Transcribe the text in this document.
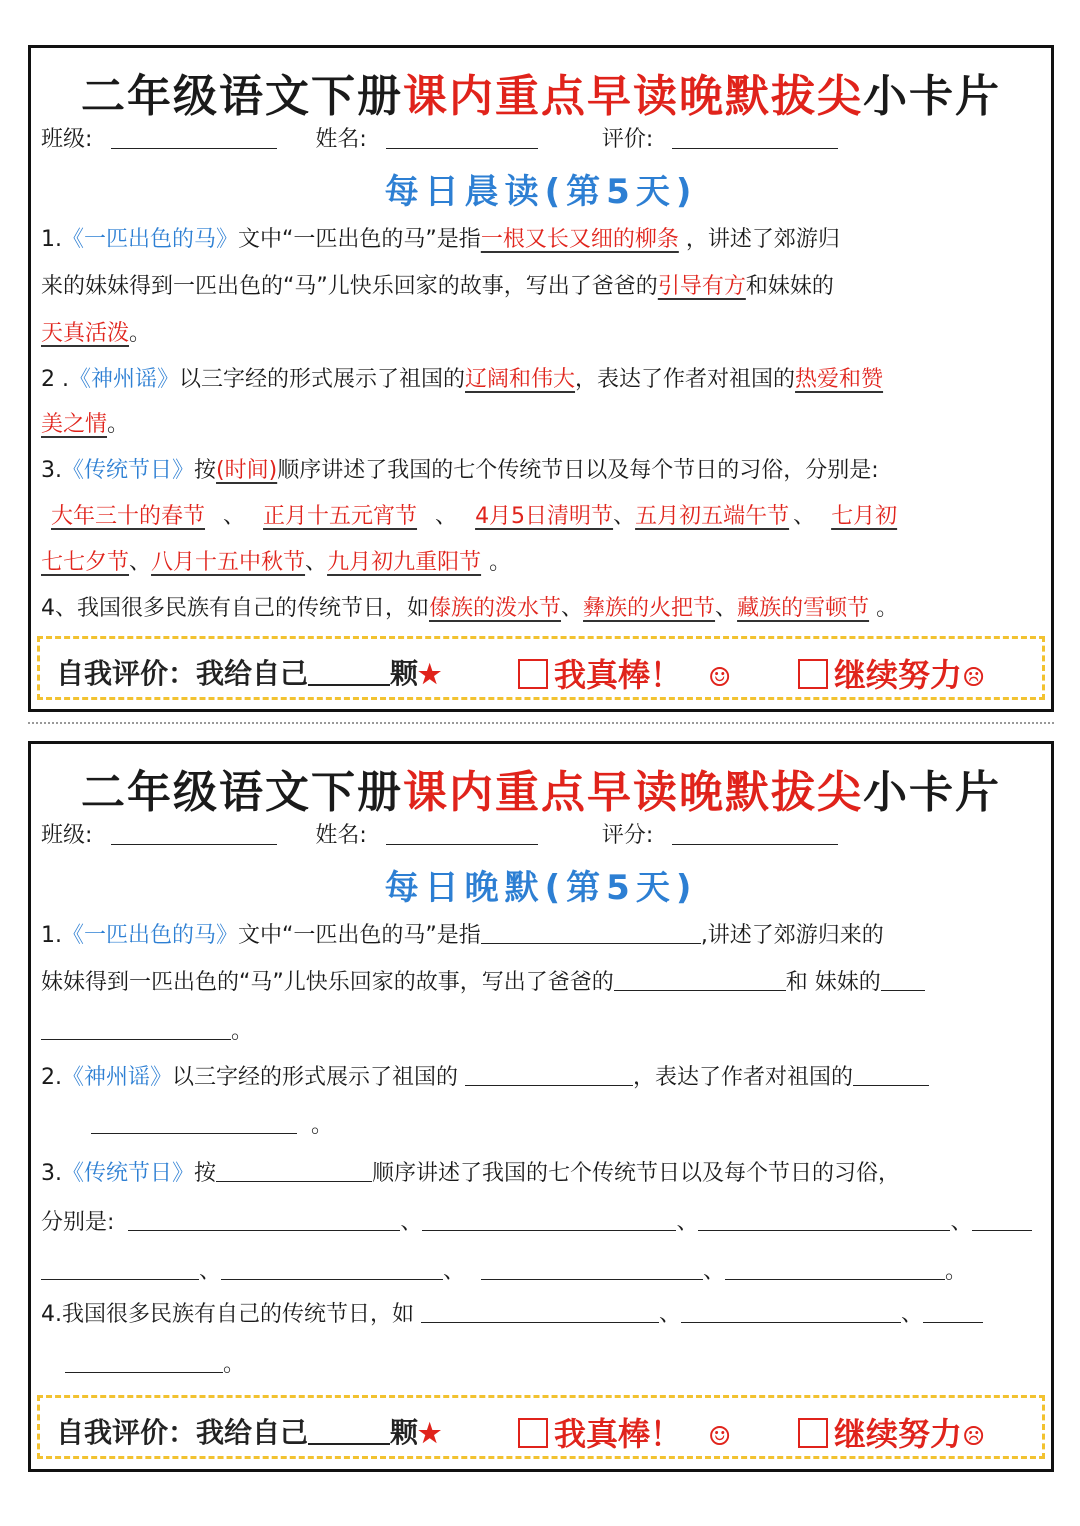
二年级语文下册课内重点早读晚默拔尖小卡片
班级:	姓名:	评价:
每日晨读(第5天)
1.《一匹出色的马》文中“一匹出色的马”是指一根又长又细的柳条 ，讲述了郊游归
来的妹妹得到一匹出色的“马”儿快乐回家的故事，写出了爸爸的引导有方和妹妹的
天真活泼。
2 .《神州谣》以三字经的形式展示了祖国的辽阔和伟大，表达了作者对祖国的热爱和赞
美之情。
3.《传统节日》按(时间)顺序讲述了我国的七个传统节日以及每个节日的习俗，分别是:
大年三十的春节 、 正月十五元宵节 、 4月5日清明节、五月初五端午节 、 七月初
七七夕节、八月十五中秋节、九月初九重阳节 。
4、我国很多民族有自己的传统节日，如傣族的泼水节、彝族的火把节、藏族的雪顿节 。
自我评价：我给自己	颗★	我真棒！ ☺	继续努力☹
二年级语文下册课内重点早读晚默拔尖小卡片
班级:	姓名:	评分:
每日晚默(第5天)
1.《一匹出色的马》文中“一匹出色的马”是指	,讲述了郊游归来的
妹妹得到一匹出色的“马”儿快乐回家的故事，写出了爸爸的	和 妹妹的
。
2.《神州谣》以三字经的形式展示了祖国的	，表达了作者对祖国的
。
3.《传统节日》按	顺序讲述了我国的七个传统节日以及每个节日的习俗，
分别是:	、	、	、
、	、	、	。
4.我国很多民族有自己的传统节日，如	、	、
。
自我评价：我给自己	颗★	我真棒！ ☺	继续努力☹
